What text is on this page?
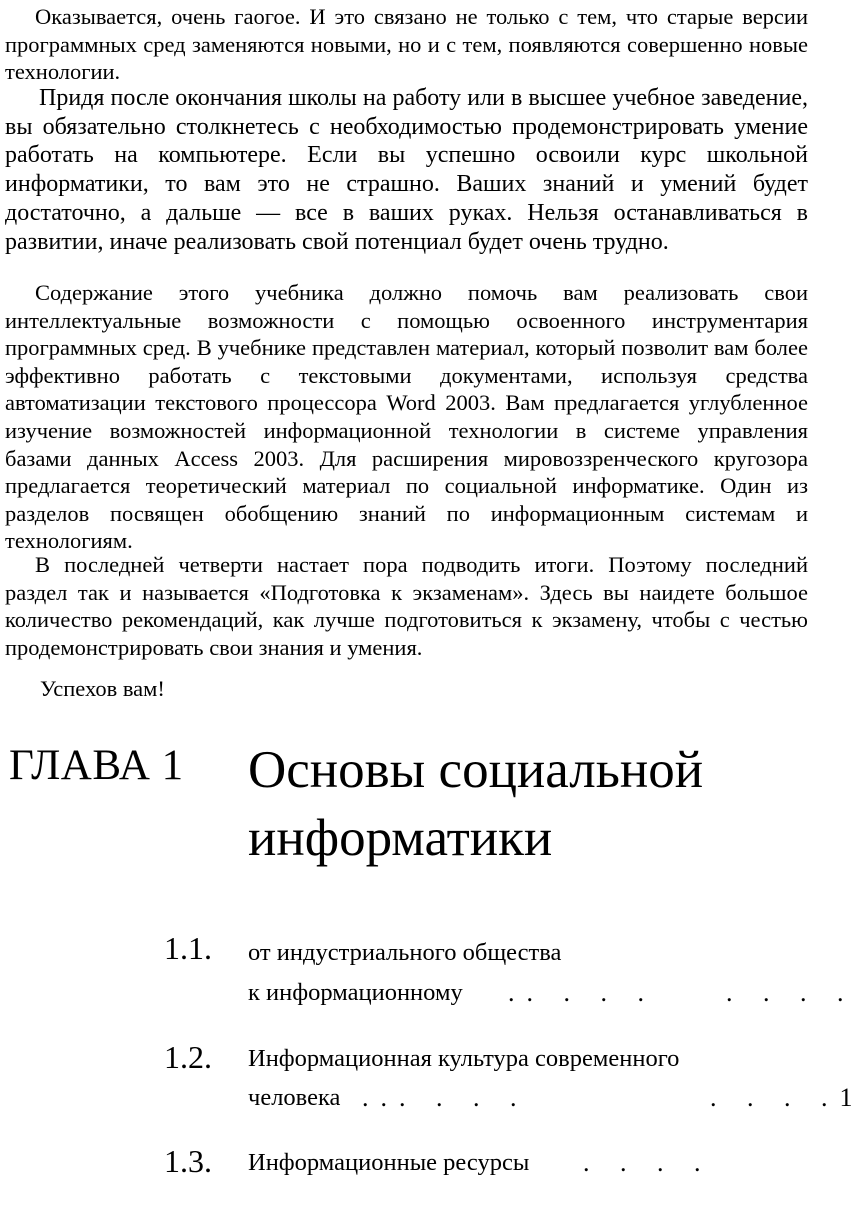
Оказывается, очень гаогое. И это связано не только с тем, что старые версии программных сред заменяются новыми, но и с тем, появляются совершенно новые технологии.

Придя после окончания школы на работу или в высшее учебное заведение, вы обязательно столкнетесь с необходимостью продемонстрировать умение работать на компьютере. Если вы успешно освоили курс школьной информатики, то вам это не страшно. Ваших знаний и умений будет достаточно, а дальше — все в ваших руках. Нельзя останавливаться в развитии, иначе реализовать свой потенциал будет очень трудно.

Содержание этого учебника должно помочь вам реализовать свои интеллектуальные возможности с помощью освоенного инструментария программных сред. В учебнике представлен материал, который позволит вам более эффективно работать с текстовыми документами, используя средства автоматизации текстового процессора Word 2003. Вам предлагается углубленное изучение возможностей информационной технологии в системе управления базами данных Access 2003. Для расширения мировоззренческого кругозора предлагается теоретический материал по социальной информатике. Один из разделов посвящен обобщению знаний по информационным системам и технологиям.

В последней четверти настает пора подводить итоги. Поэтому последний раздел так и называется «Подготовка к экзаменам». Здесь вы наидете большое количество рекомендаций, как лучше подготовиться к экзамену, чтобы с честью продемонстрировать свои знания и умения.

Успехов вам!
ГЛАВА 1 Основы социальной
информатики
1.1. от индустриального общества
к информационному .. . . .	. . . .
1.2. Информационная культура современного
человека ... . . .	. . . .1
1.3. Информационные ресурсы . . . .
